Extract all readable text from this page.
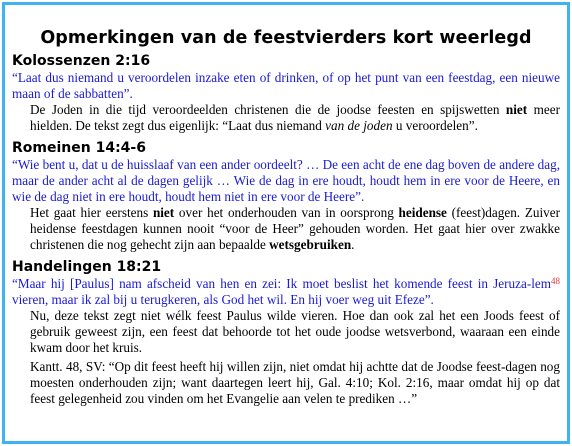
Opmerkingen van de feestvierders kort weerlegd
Kolossenzen 2:16

“Laat dus niemand u veroordelen inzake eten of drinken, of op het punt van een feestdag, een nieuwe maan of de sabbatten”.

De Joden in die tijd veroordeelden christenen die de joodse feesten en spijswetten niet meer hielden. De tekst zegt dus eigenlijk: “Laat dus niemand van de joden u veroordelen”.

Romeinen 14:4-6

“Wie bent u, dat u de huisslaaf van een ander oordeelt? … De een acht de ene dag boven de andere dag, maar de ander acht al de dagen gelijk … Wie de dag in ere houdt, houdt hem in ere voor de Heere, en wie de dag niet in ere houdt, houdt hem niet in ere voor de Heere”.

Het gaat hier eerstens niet over het onderhouden van in oorsprong heidense (feest)dagen. Zuiver heidense feestdagen kunnen nooit “voor de Heer” gehouden worden. Het gaat hier over zwakke christenen die nog gehecht zijn aan bepaalde wetsgebruiken.

Handelingen 18:21

“Maar hij [Paulus] nam afscheid van hen en zei: Ik moet beslist het komende feest in Jeruza-lem$^{48}$ vieren, maar ik zal bij u terugkeren, als God het wil. En hij voer weg uit Efeze”.

Nu, deze tekst zegt niet wélk feest Paulus wilde vieren. Hoe dan ook zal het een Joods feest of gebruik geweest zijn, een feest dat behoorde tot het oude joodse wetsverbond, waaraan een einde kwam door het kruis.

Kantt. 48, SV: “Op dit feest heeft hij willen zijn, niet omdat hij achtte dat de Joodse feest-dagen nog moesten onderhouden zijn; want daartegen leert hij, Gal. 4:10; Kol. 2:16, maar omdat hij op dat feest gelegenheid zou vinden om het Evangelie aan velen te prediken …”
